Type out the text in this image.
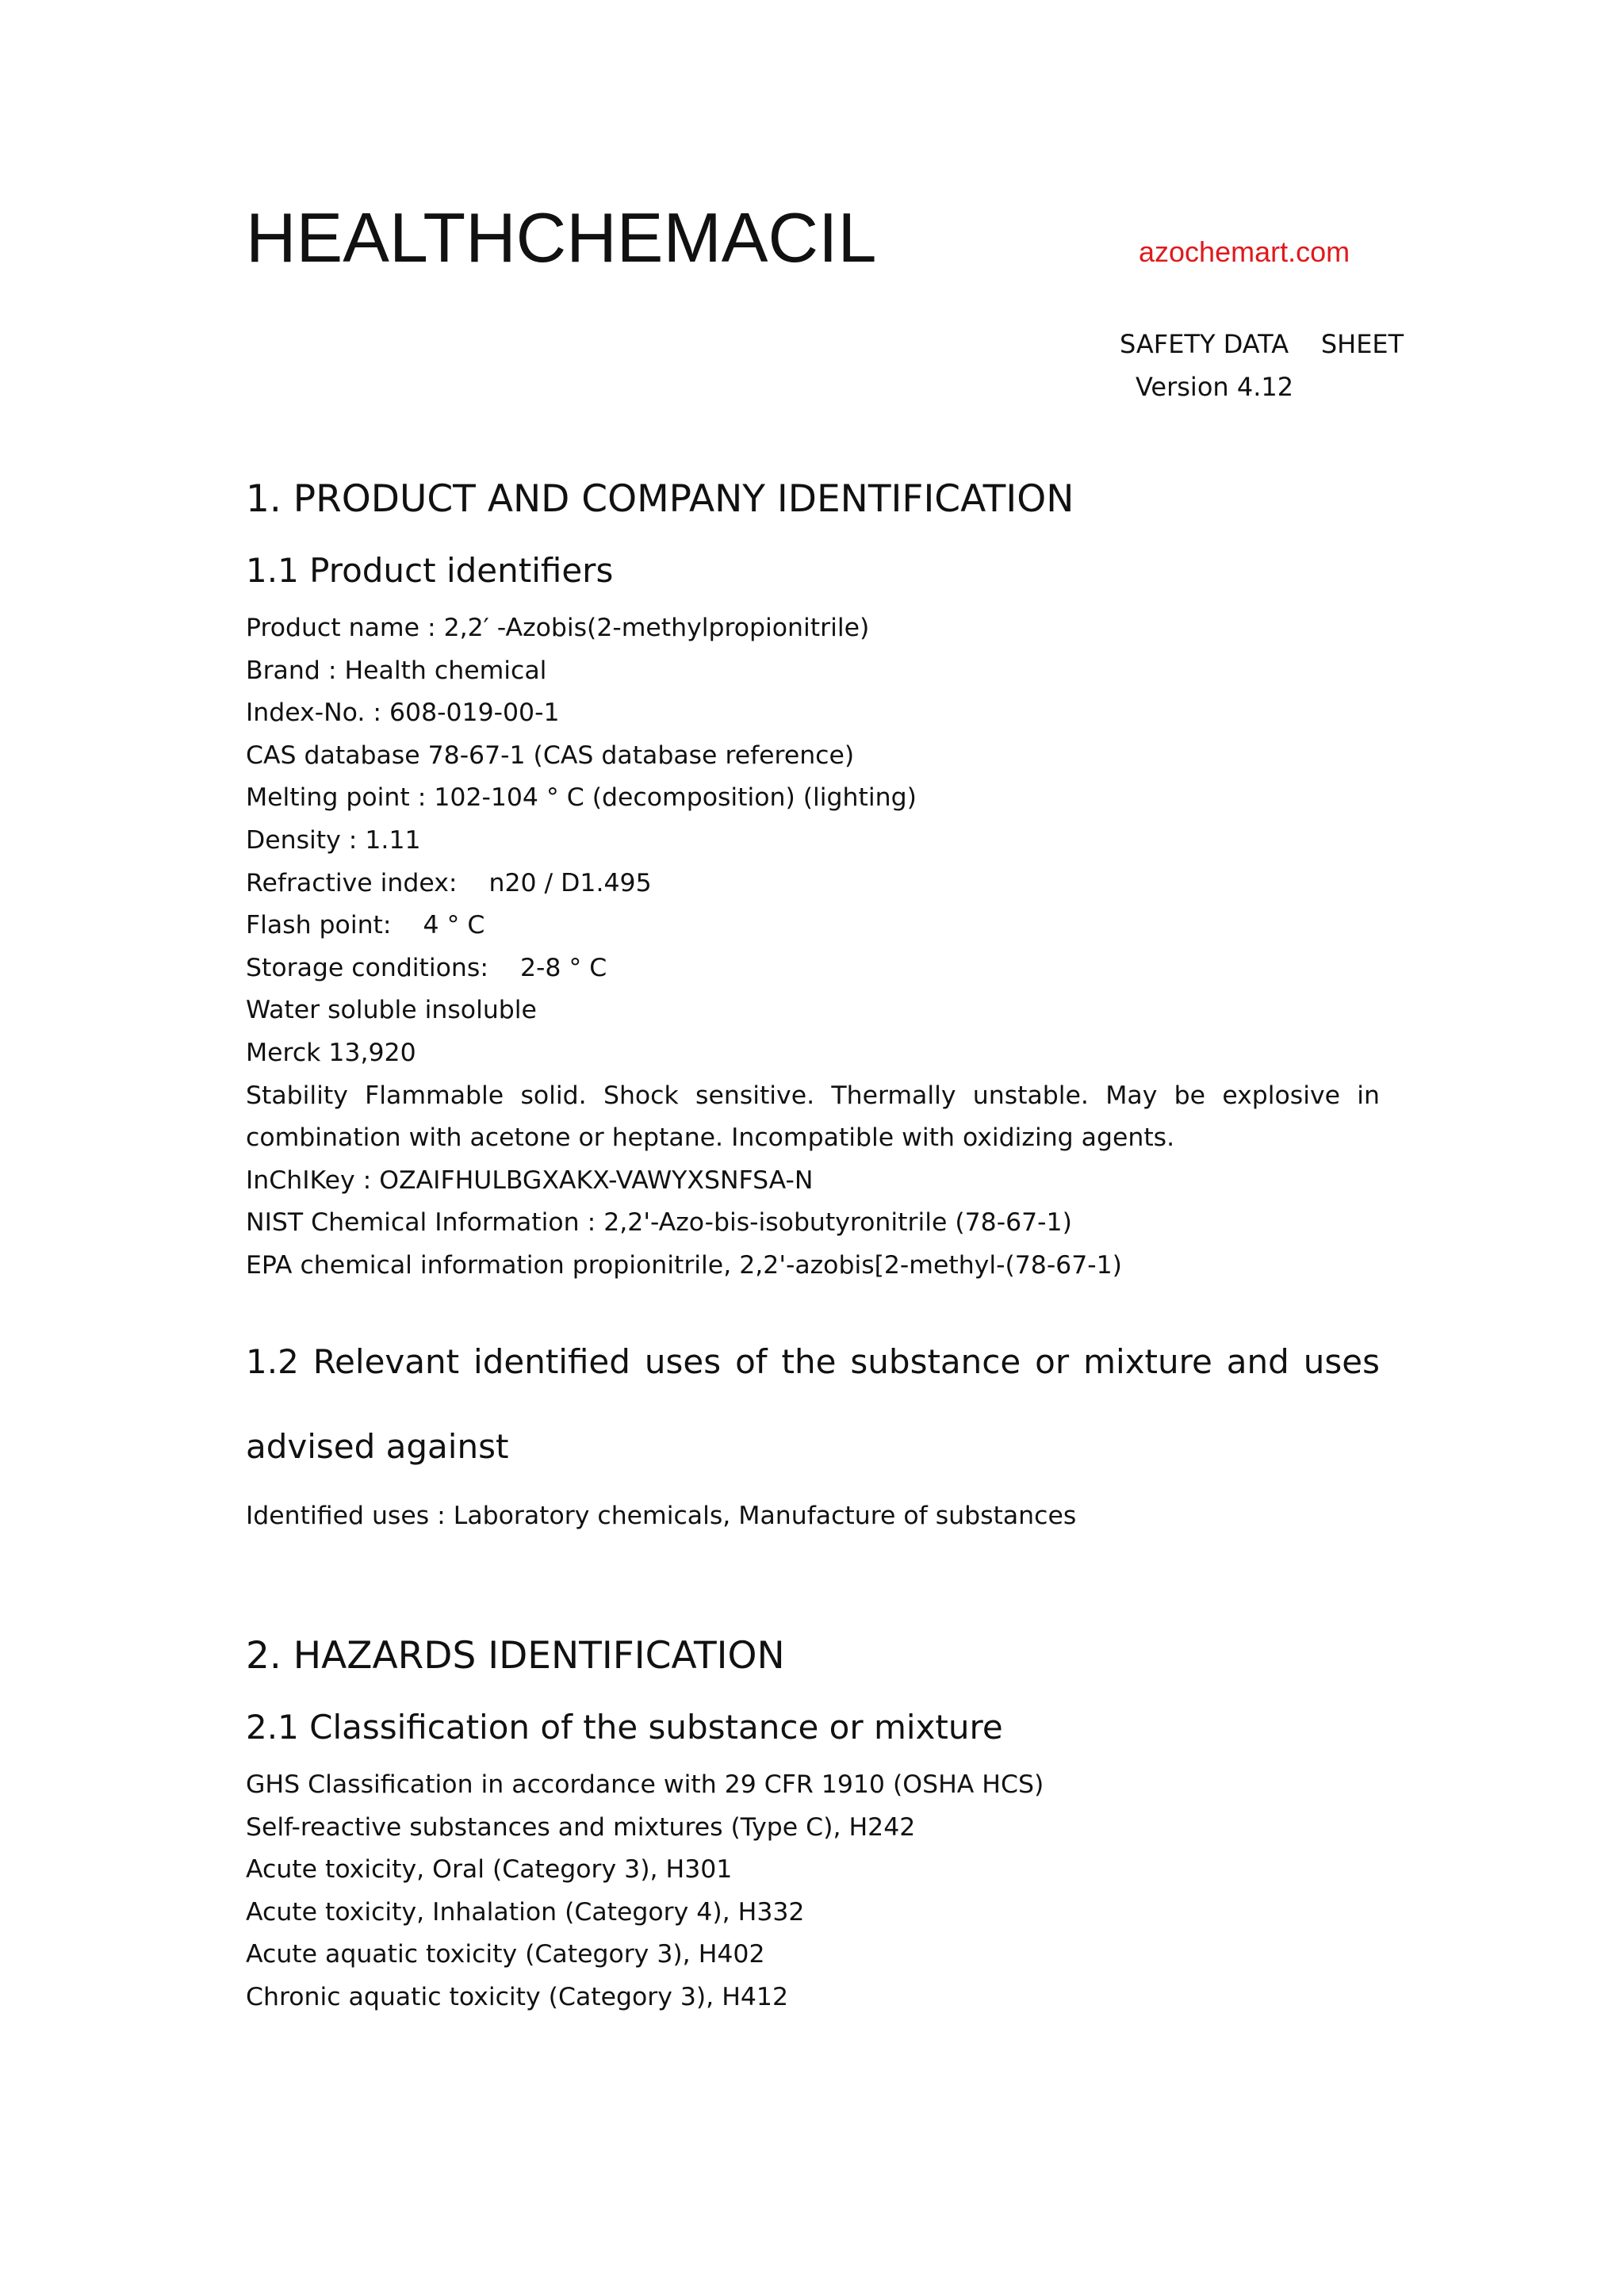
HEALTHCHEMACIL	azochemart.com
SAFETY DATA    SHEET
Version 4.12
1. PRODUCT AND COMPANY IDENTIFICATION
1.1 Product identifiers

Product name : 2,2′ -Azobis(2-methylpropionitrile)

Brand : Health chemical

Index-No. : 608-019-00-1

CAS database 78-67-1 (CAS database reference)

Melting point : 102-104 ° C (decomposition) (lighting)

Density : 1.11

Refractive index:    n20 / D1.495

Flash point:    4 ° C

Storage conditions:    2-8 ° C

Water soluble insoluble

Merck 13,920

Stability Flammable solid. Shock sensitive. Thermally unstable. May be explosive in combination with acetone or heptane. Incompatible with oxidizing agents.

InChIKey : OZAIFHULBGXAKX-VAWYXSNFSA-N

NIST Chemical Information : 2,2'-Azo-bis-isobutyronitrile (78-67-1)

EPA chemical information propionitrile, 2,2'-azobis[2-methyl-(78-67-1)

1.2 Relevant identified uses of the substance or mixture and uses advised against

Identified uses : Laboratory chemicals, Manufacture of substances

2. HAZARDS IDENTIFICATION
2.1 Classification of the substance or mixture

GHS Classification in accordance with 29 CFR 1910 (OSHA HCS)

Self-reactive substances and mixtures (Type C), H242

Acute toxicity, Oral (Category 3), H301

Acute toxicity, Inhalation (Category 4), H332

Acute aquatic toxicity (Category 3), H402

Chronic aquatic toxicity (Category 3), H412
